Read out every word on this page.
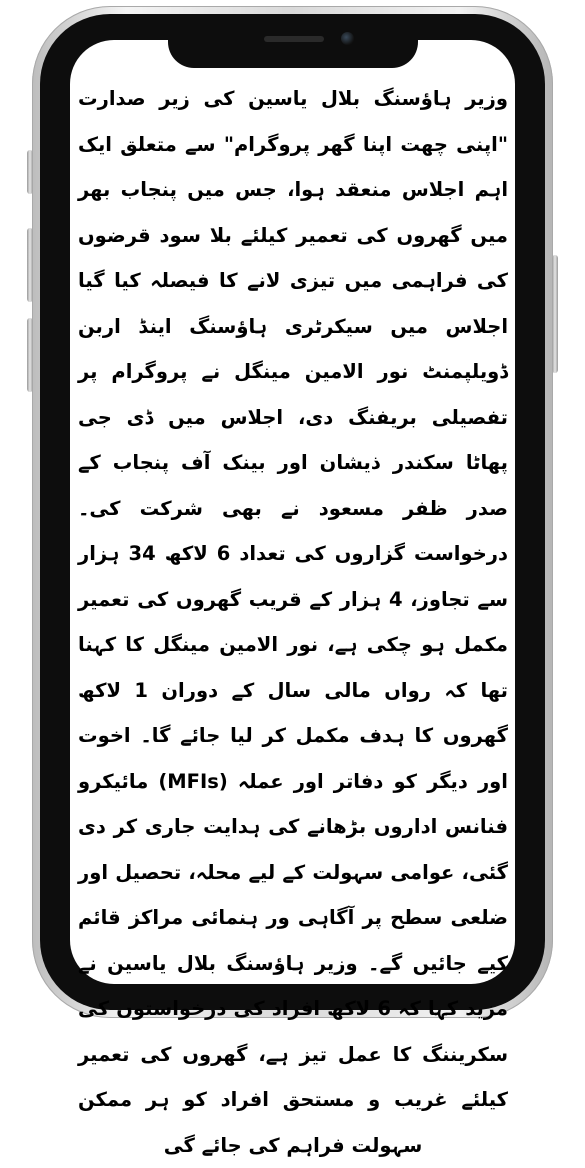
وزیر ہاؤسنگ بلال یاسین کی زیر صدارت "اپنی چھت اپنا گھر پروگرام" سے متعلق ایک اہم اجلاس منعقد ہوا، جس میں پنجاب بھر میں گھروں کی تعمیر کیلئے بلا سود قرضوں کی فراہمی میں تیزی لانے کا فیصلہ کیا گیا اجلاس میں سیکرٹری ہاؤسنگ اینڈ اربن ڈویلپمنٹ نور الامین مینگل نے پروگرام پر تفصیلی بریفنگ دی، اجلاس میں ڈی جی پھاٹا سکندر ذیشان اور بینک آف پنجاب کے صدر ظفر مسعود نے بھی شرکت کی۔ درخواست گزاروں کی تعداد 6 لاکھ 34 ہزار سے تجاوز، 4 ہزار کے قریب گھروں کی تعمیر مکمل ہو چکی ہے، نور الامین مینگل کا کہنا تھا کہ رواں مالی سال کے دوران 1 لاکھ گھروں کا ہدف مکمل کر لیا جائے گا۔ اخوت اور دیگر کو دفاتر اور عملہ (MFIs) مائیکرو فنانس اداروں بڑھانے کی ہدایت جاری کر دی گئی، عوامی سہولت کے لیے محلہ، تحصیل اور ضلعی سطح پر آگاہی ور ہنمائی مراکز قائم کیے جائیں گے۔ وزیر ہاؤسنگ بلال یاسین نے مزید کہا کہ 6 لاکھ افراد کی درخواستوں کی سکریننگ کا عمل تیز ہے، گھروں کی تعمیر کیلئے غریب و مستحق افراد کو ہر ممکن سہولت فراہم کی جائے گی
